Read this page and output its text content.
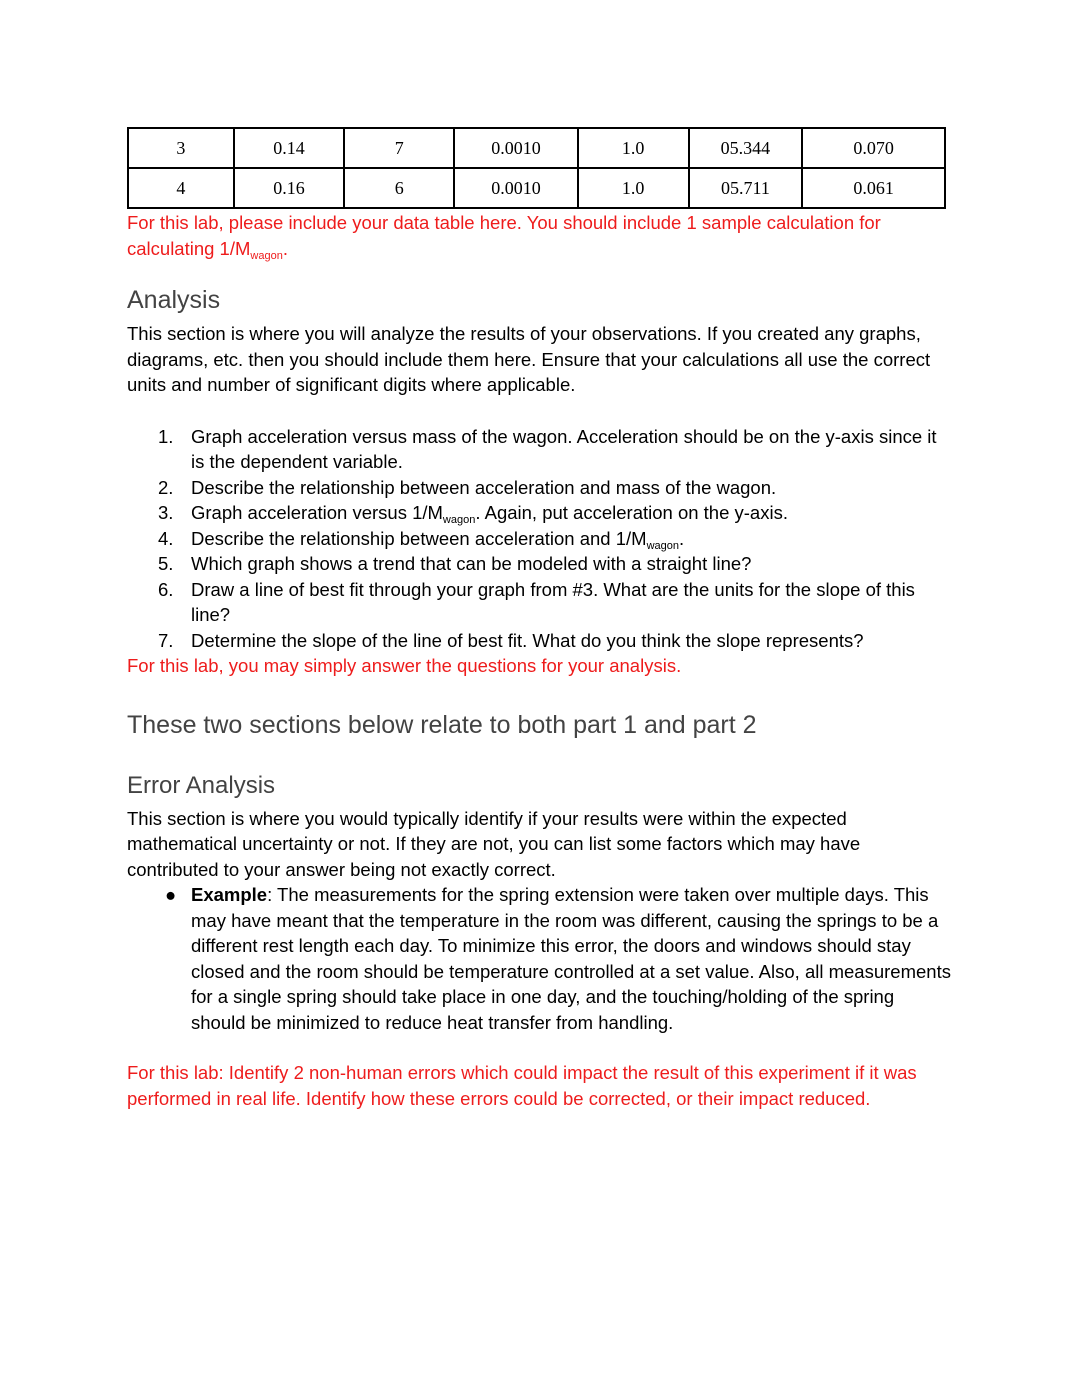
3	0.14	7	0.0010	1.0	05.344	0.070
4	0.16	6	0.0010	1.0	05.711	0.061

For this lab, please include your data table here. You should include 1 sample calculation for calculating $1/M_{wagon}$.

Analysis

This section is where you will analyze the results of your observations. If you created any graphs, diagrams, etc. then you should include them here. Ensure that your calculations all use the correct units and number of significant digits where applicable.

1. Graph acceleration versus mass of the wagon. Acceleration should be on the y-axis since it is the dependent variable.
2. Describe the relationship between acceleration and mass of the wagon.
3. Graph acceleration versus $1/M_{wagon}$. Again, put acceleration on the y-axis.
4. Describe the relationship between acceleration and $1/M_{wagon}$.
5. Which graph shows a trend that can be modeled with a straight line?
6. Draw a line of best fit through your graph from #3. What are the units for the slope of this line?
7. Determine the slope of the line of best fit. What do you think the slope represents?

For this lab, you may simply answer the questions for your analysis.

These two sections below relate to both part 1 and part 2
Error Analysis

This section is where you would typically identify if your results were within the expected mathematical uncertainty or not. If they are not, you can list some factors which may have contributed to your answer being not exactly correct.

● Example: The measurements for the spring extension were taken over multiple days. This may have meant that the temperature in the room was different, causing the springs to be a different rest length each day. To minimize this error, the doors and windows should stay closed and the room should be temperature controlled at a set value. Also, all measurements for a single spring should take place in one day, and the touching/holding of the spring should be minimized to reduce heat transfer from handling.

For this lab: Identify 2 non-human errors which could impact the result of this experiment if it was performed in real life. Identify how these errors could be corrected, or their impact reduced.
